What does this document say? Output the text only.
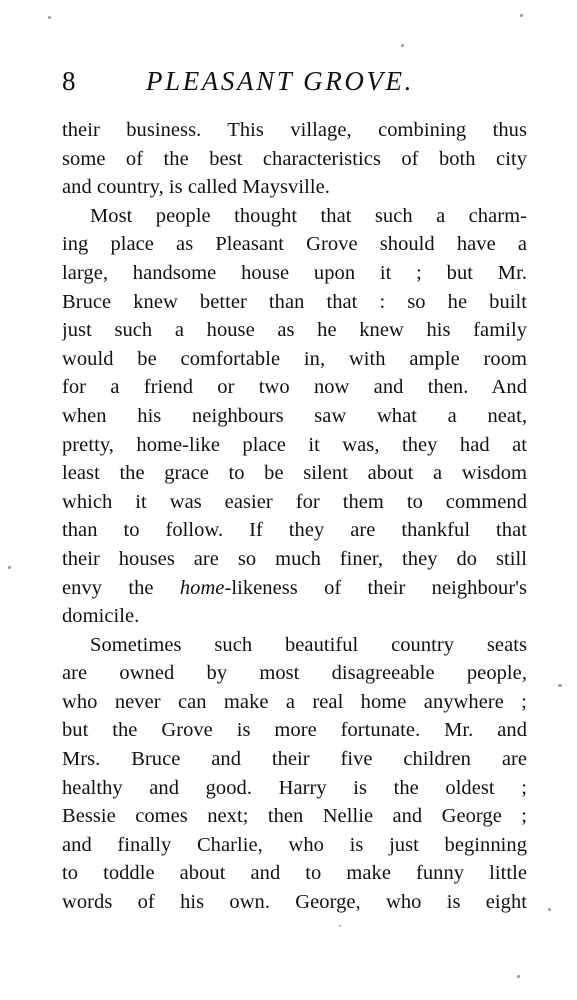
8	PLEASANT GROVE.
their business. This village, combining thus
some of the best characteristics of both city
and country, is called Maysville.
Most people thought that such a charm-
ing place as Pleasant Grove should have a
large, handsome house upon it ; but Mr.
Bruce knew better than that : so he built
just such a house as he knew his family
would be comfortable in, with ample room
for a friend or two now and then. And
when his neighbours saw what a neat,
pretty, home-like place it was, they had at
least the grace to be silent about a wisdom
which it was easier for them to commend
than to follow. If they are thankful that
their houses are so much finer, they do still
envy the home-likeness of their neighbour's
domicile.
Sometimes such beautiful country seats
are owned by most disagreeable people,
who never can make a real home anywhere ;
but the Grove is more fortunate. Mr. and
Mrs. Bruce and their five children are
healthy and good. Harry is the oldest ;
Bessie comes next; then Nellie and George ;
and finally Charlie, who is just beginning
to toddle about and to make funny little
words of his own. George, who is eight
